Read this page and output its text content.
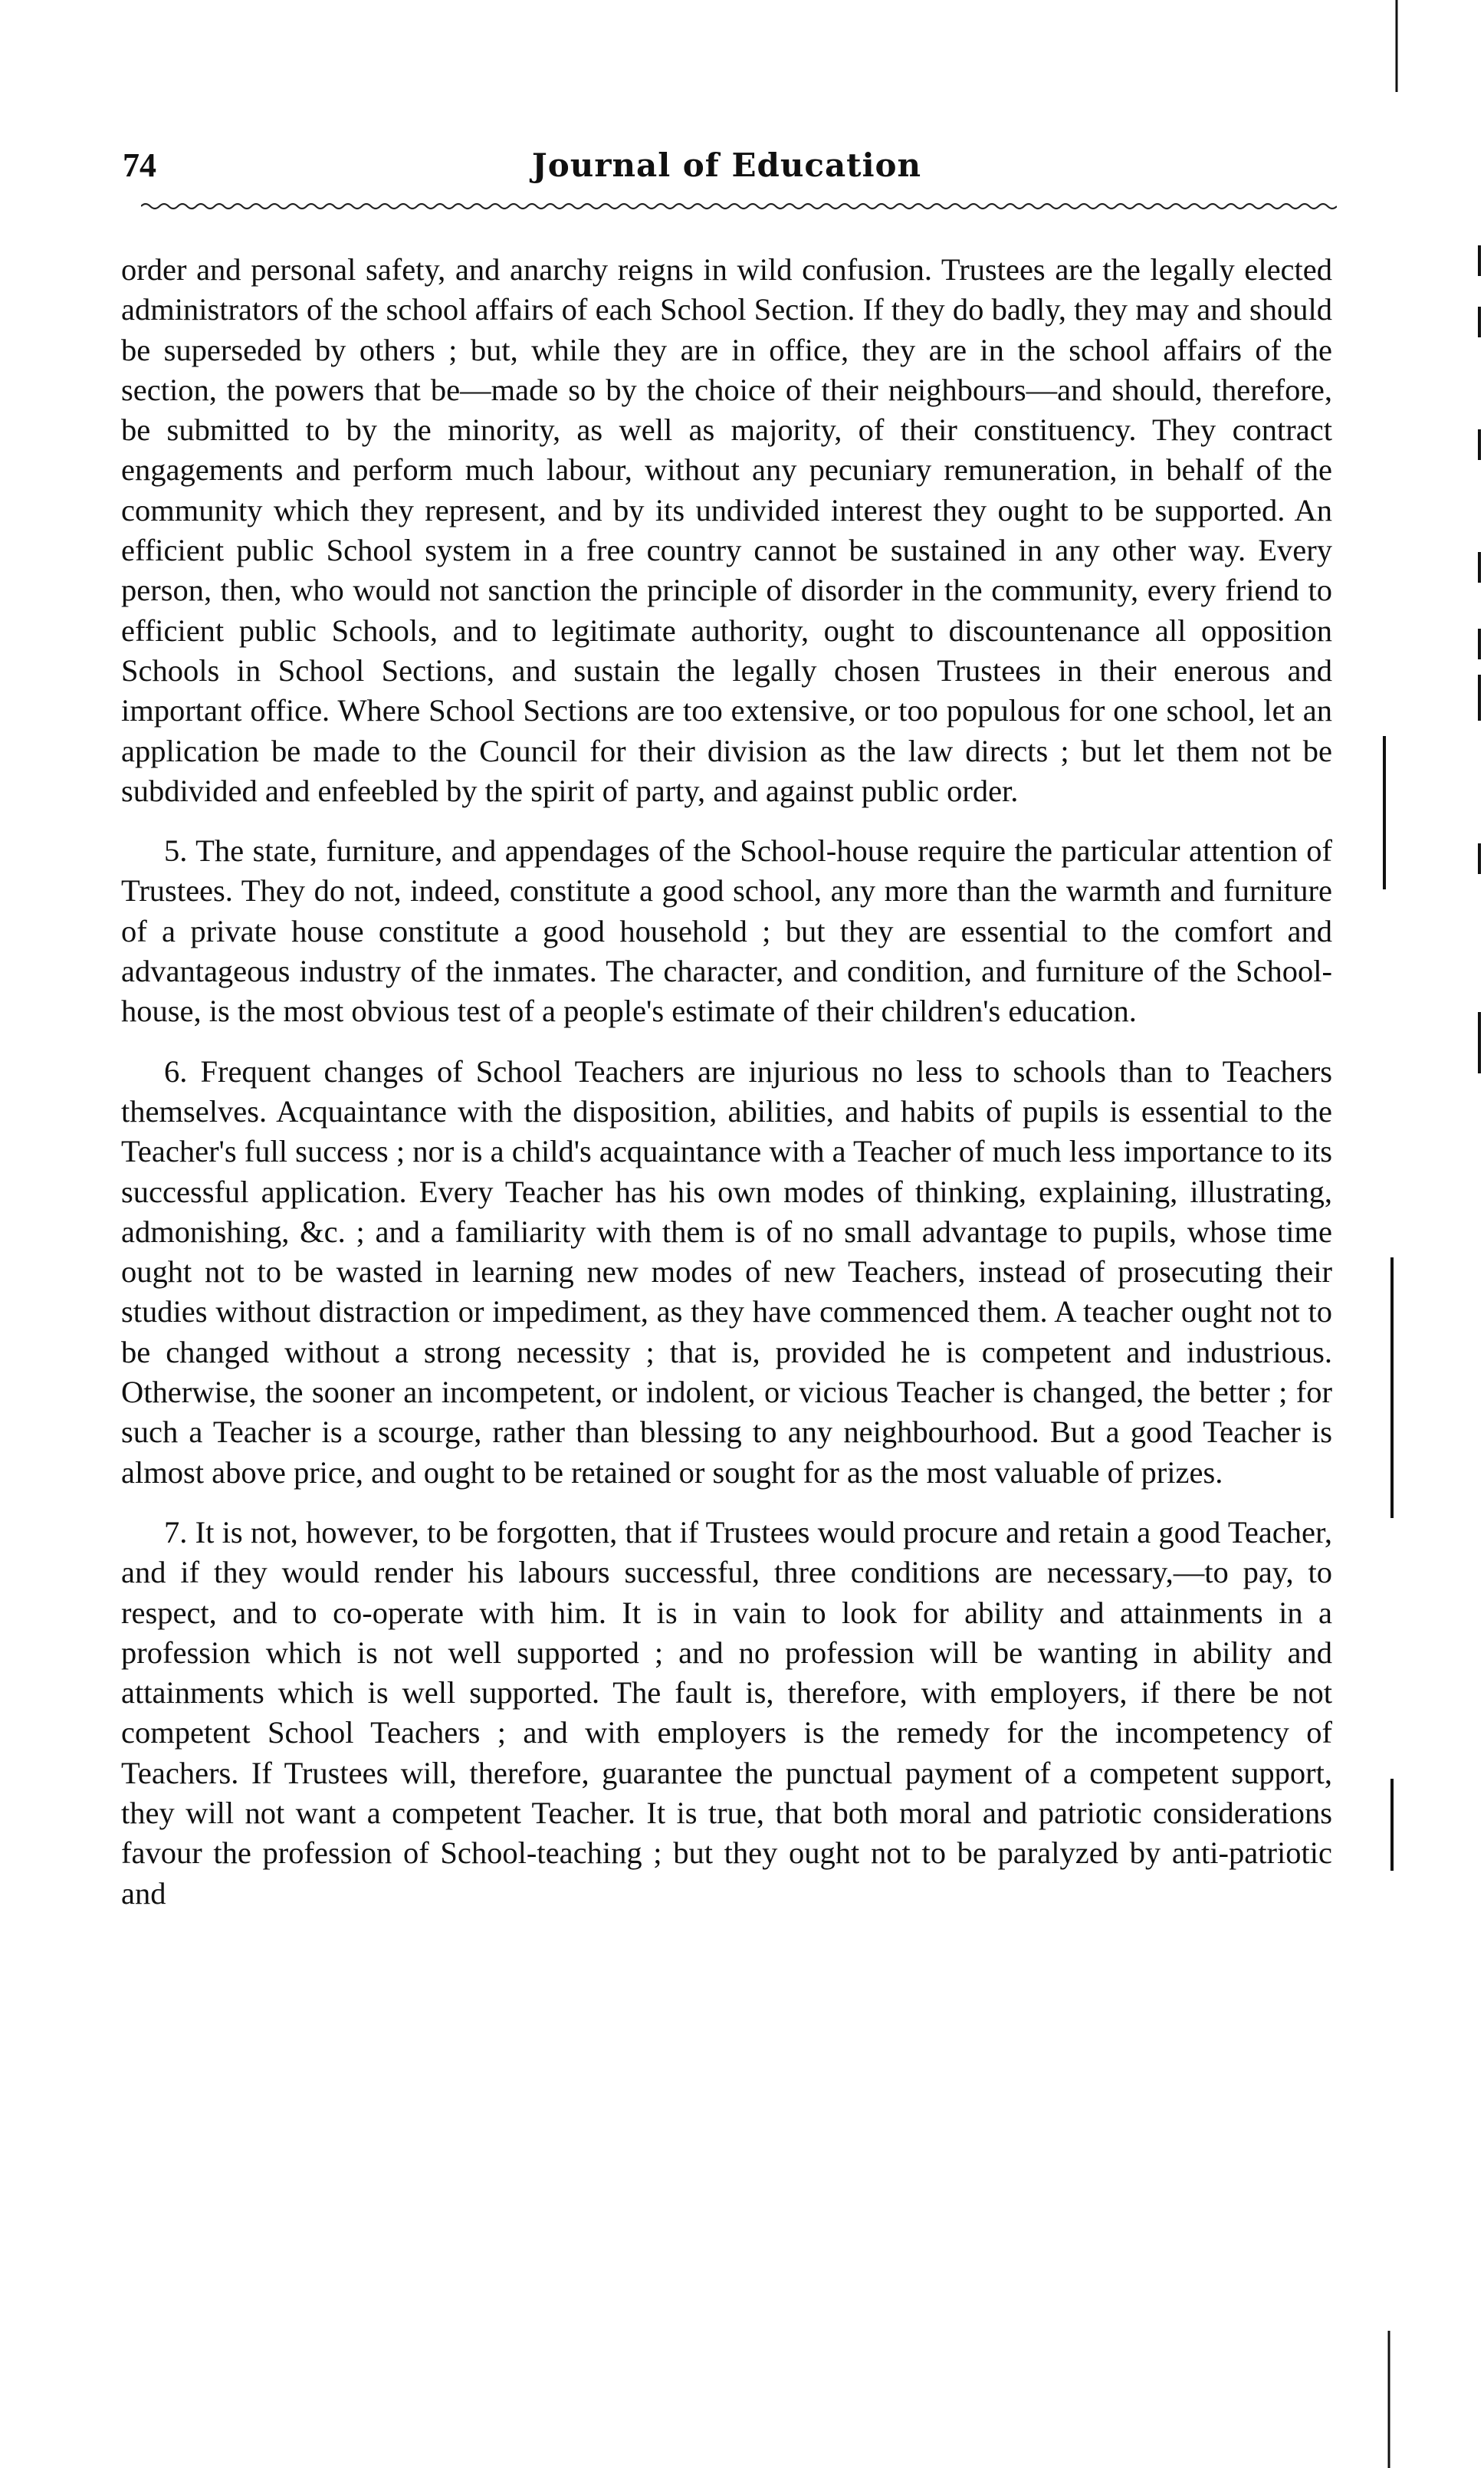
74	Journal of Education

order and personal safety, and anarchy reigns in wild confusion. Trustees are the legally elected administrators of the school affairs of each School Section. If they do badly, they may and should be superseded by others ; but, while they are in office, they are in the school affairs of the section, the powers that be—made so by the choice of their neighbours—and should, therefore, be submitted to by the minority, as well as majority, of their constituency. They contract engagements and perform much labour, without any pecuniary remuneration, in behalf of the community which they represent, and by its undivided interest they ought to be supported. An efficient public School system in a free country cannot be sustained in any other way. Every person, then, who would not sanction the principle of disorder in the community, every friend to efficient public Schools, and to legitimate authority, ought to discountenance all opposition Schools in School Sections, and sustain the legally chosen Trustees in their enerous and important office. Where School Sections are too extensive, or too populous for one school, let an application be made to the Council for their division as the law directs ; but let them not be subdivided and enfeebled by the spirit of party, and against public order.

5. The state, furniture, and appendages of the School-house require the particular attention of Trustees. They do not, indeed, constitute a good school, any more than the warmth and furniture of a private house constitute a good household ; but they are essential to the comfort and advantageous industry of the inmates. The character, and condition, and furniture of the School-house, is the most obvious test of a people's estimate of their children's education.

6. Frequent changes of School Teachers are injurious no less to schools than to Teachers themselves. Acquaintance with the disposition, abilities, and habits of pupils is essential to the Teacher's full success ; nor is a child's acquaintance with a Teacher of much less importance to its successful application. Every Teacher has his own modes of thinking, explaining, illustrating, admonishing, &c. ; and a familiarity with them is of no small advantage to pupils, whose time ought not to be wasted in learning new modes of new Teachers, instead of prosecuting their studies without distraction or impediment, as they have commenced them. A teacher ought not to be changed without a strong necessity ; that is, provided he is competent and industrious. Otherwise, the sooner an incompetent, or indolent, or vicious Teacher is changed, the better ; for such a Teacher is a scourge, rather than blessing to any neighbourhood. But a good Teacher is almost above price, and ought to be retained or sought for as the most valuable of prizes.

7. It is not, however, to be forgotten, that if Trustees would procure and retain a good Teacher, and if they would render his labours successful, three conditions are necessary,—to pay, to respect, and to co-operate with him. It is in vain to look for ability and attainments in a profession which is not well supported ; and no profession will be wanting in ability and attainments which is well supported. The fault is, therefore, with employers, if there be not competent School Teachers ; and with employers is the remedy for the incompetency of Teachers. If Trustees will, therefore, guarantee the punctual payment of a competent support, they will not want a competent Teacher. It is true, that both moral and patriotic considerations favour the profession of School-teaching ; but they ought not to be paralyzed by anti-patriotic and
